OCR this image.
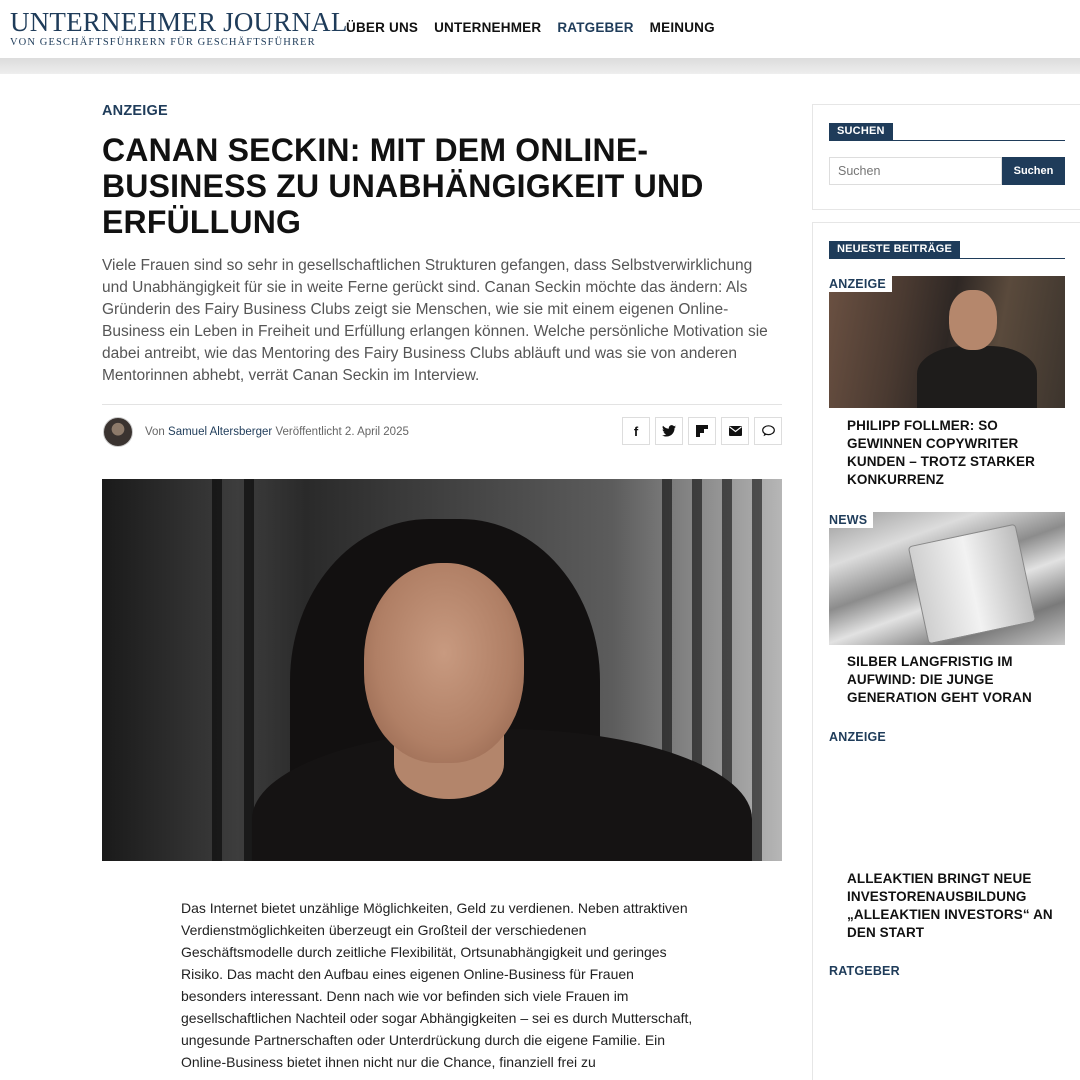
UNTERNEHMER JOURNAL
VON GESCHÄFTSFÜHRERN FÜR GESCHÄFTSFÜHRER
ÜBER UNS UNTERNEHMER RATGEBER MEINUNG
ANZEIGE
CANAN SECKIN: MIT DEM ONLINE-BUSINESS ZU UNABHÄNGIGKEIT UND ERFÜLLUNG

Viele Frauen sind so sehr in gesellschaftlichen Strukturen gefangen, dass Selbstverwirklichung und Unabhängigkeit für sie in weite Ferne gerückt sind. Canan Seckin möchte das ändern: Als Gründerin des Fairy Business Clubs zeigt sie Menschen, wie sie mit einem eigenen Online-Business ein Leben in Freiheit und Erfüllung erlangen können. Welche persönliche Motivation sie dabei antreibt, wie das Mentoring des Fairy Business Clubs abläuft und was sie von anderen Mentorinnen abhebt, verrät Canan Seckin im Interview.

Von Samuel Altersberger Veröffentlicht 2. April 2025	f

Das Internet bietet unzählige Möglichkeiten, Geld zu verdienen. Neben attraktiven Verdienstmöglichkeiten überzeugt ein Großteil der verschiedenen Geschäftsmodelle durch zeitliche Flexibilität, Ortsunabhängigkeit und geringes Risiko. Das macht den Aufbau eines eigenen Online-Business für Frauen besonders interessant. Denn nach wie vor befinden sich viele Frauen im gesellschaftlichen Nachteil oder sogar Abhängigkeiten – sei es durch Mutterschaft, ungesunde Partnerschaften oder Unterdrückung durch die eigene Familie. Ein Online-Business bietet ihnen nicht nur die Chance, finanziell frei zu

SUCHEN
Suchen
Suchen
NEUESTE BEITRÄGE
ANZEIGE
PHILIPP FOLLMER: SO GEWINNEN COPYWRITER KUNDEN – TROTZ STARKER KONKURRENZ
NEWS
SILBER LANGFRISTIG IM AUFWIND: DIE JUNGE GENERATION GEHT VORAN
ANZEIGE
ALLEAKTIEN BRINGT NEUE INVESTORENAUSBILDUNG „ALLEAKTIEN INVESTORS“ AN DEN START
RATGEBER
